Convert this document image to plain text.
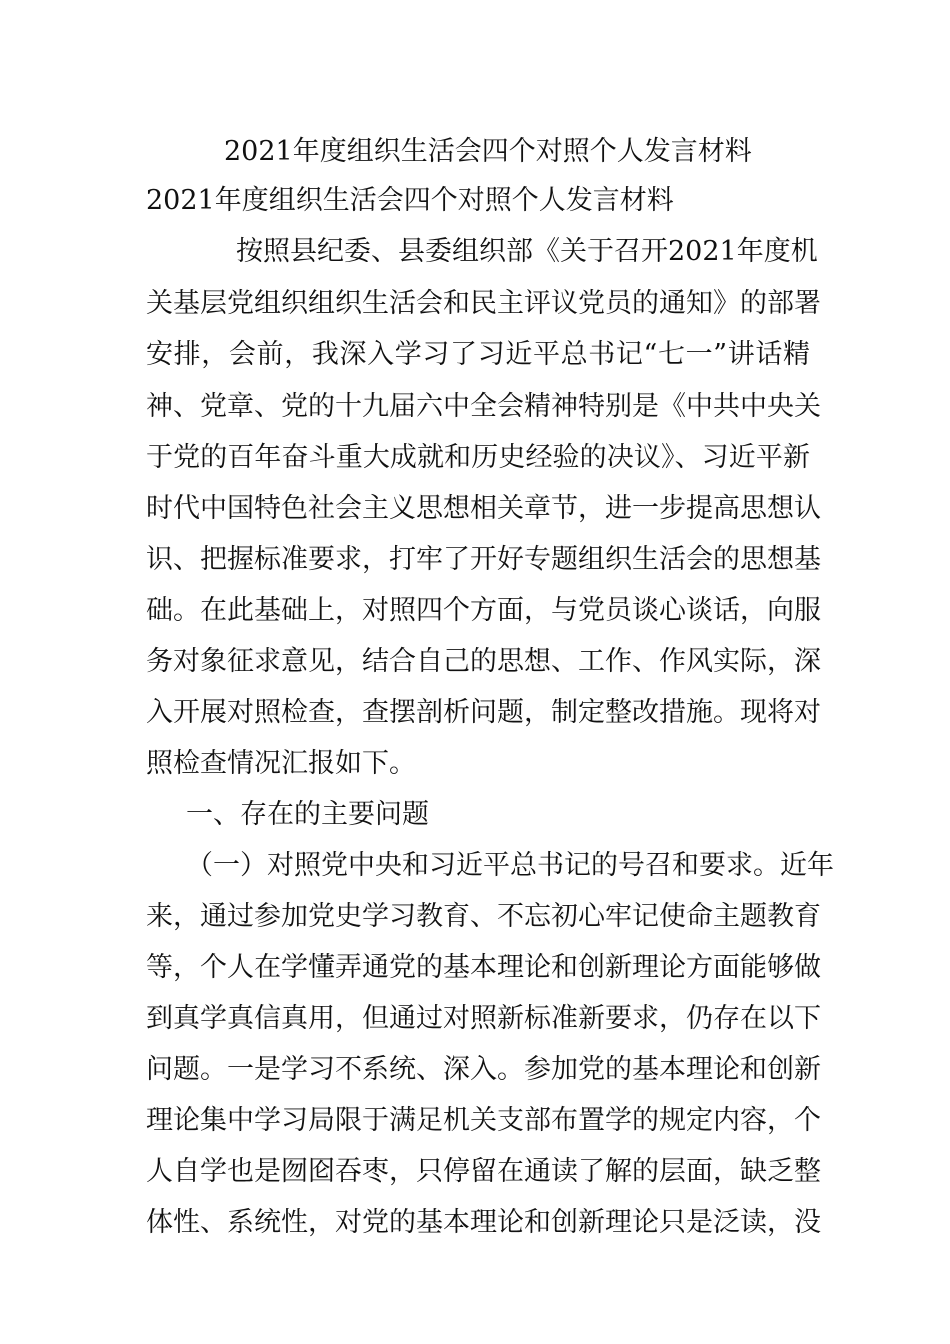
2021年度组织生活会四个对照个人发言材料
2021年度组织生活会四个对照个人发言材料
按照县纪委、县委组织部《关于召开2021年度机
关基层党组织组织生活会和民主评议党员的通知》的部署
安排，会前，我深入学习了习近平总书记“七一”讲话精
神、党章、党的十九届六中全会精神特别是《中共中央关
于党的百年奋斗重大成就和历史经验的决议》、习近平新
时代中国特色社会主义思想相关章节，进一步提高思想认
识、把握标准要求，打牢了开好专题组织生活会的思想基
础。在此基础上，对照四个方面，与党员谈心谈话，向服
务对象征求意见，结合自己的思想、工作、作风实际，深
入开展对照检查，查摆剖析问题，制定整改措施。现将对
照检查情况汇报如下。
一、存在的主要问题
（一）对照党中央和习近平总书记的号召和要求。近年
来，通过参加党史学习教育、不忘初心牢记使命主题教育
等，个人在学懂弄通党的基本理论和创新理论方面能够做
到真学真信真用，但通过对照新标准新要求，仍存在以下
问题。一是学习不系统、深入。参加党的基本理论和创新
理论集中学习局限于满足机关支部布置学的规定内容，个
人自学也是囫囵吞枣，只停留在通读了解的层面，缺乏整
体性、系统性，对党的基本理论和创新理论只是泛读，没
